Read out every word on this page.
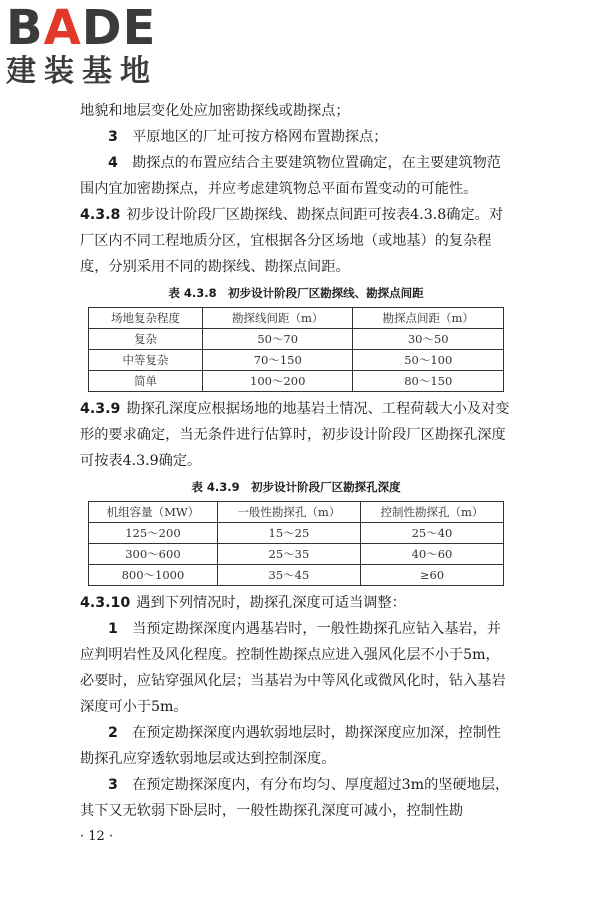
BADE
建装基地

地貌和地层变化处应加密勘探线或勘探点；

3　 平原地区的厂址可按方格网布置勘探点；

4　 勘探点的布置应结合主要建筑物位置确定，在主要建筑物范围内宜加密勘探点，并应考虑建筑物总平面布置变动的可能性。

4.3.8 初步设计阶段厂区勘探线、勘探点间距可按表4.3.8确定。对厂区内不同工程地质分区，宜根据各分区场地（或地基）的复杂程度，分别采用不同的勘探线、勘探点间距。

表 4.3.8　初步设计阶段厂区勘探线、勘探点间距
场地复杂程度	勘探线间距（m）	勘探点间距（m）
复杂	50～70	30～50
中等复杂	70～150	50～100
简单	100～200	80～150

4.3.9 勘探孔深度应根据场地的地基岩土情况、工程荷载大小及对变形的要求确定，当无条件进行估算时，初步设计阶段厂区勘探孔深度可按表4.3.9确定。

表 4.3.9　初步设计阶段厂区勘探孔深度
机组容量（MW）	一般性勘探孔（m）	控制性勘探孔（m）
125～200	15～25	25～40
300～600	25～35	40～60
800～1000	35～45	≥60

4.3.10 遇到下列情况时，勘探孔深度可适当调整：

1　 当预定勘探深度内遇基岩时，一般性勘探孔应钻入基岩，并应判明岩性及风化程度。控制性勘探点应进入强风化层不小于5m，必要时，应钻穿强风化层；当基岩为中等风化或微风化时，钻入基岩深度可小于5m。

2　 在预定勘探深度内遇软弱地层时，勘探深度应加深，控制性勘探孔应穿透软弱地层或达到控制深度。

3　 在预定勘探深度内，有分布均匀、厚度超过3m的坚硬地层，其下又无软弱下卧层时，一般性勘探孔深度可减小，控制性勘

· 12 ·
